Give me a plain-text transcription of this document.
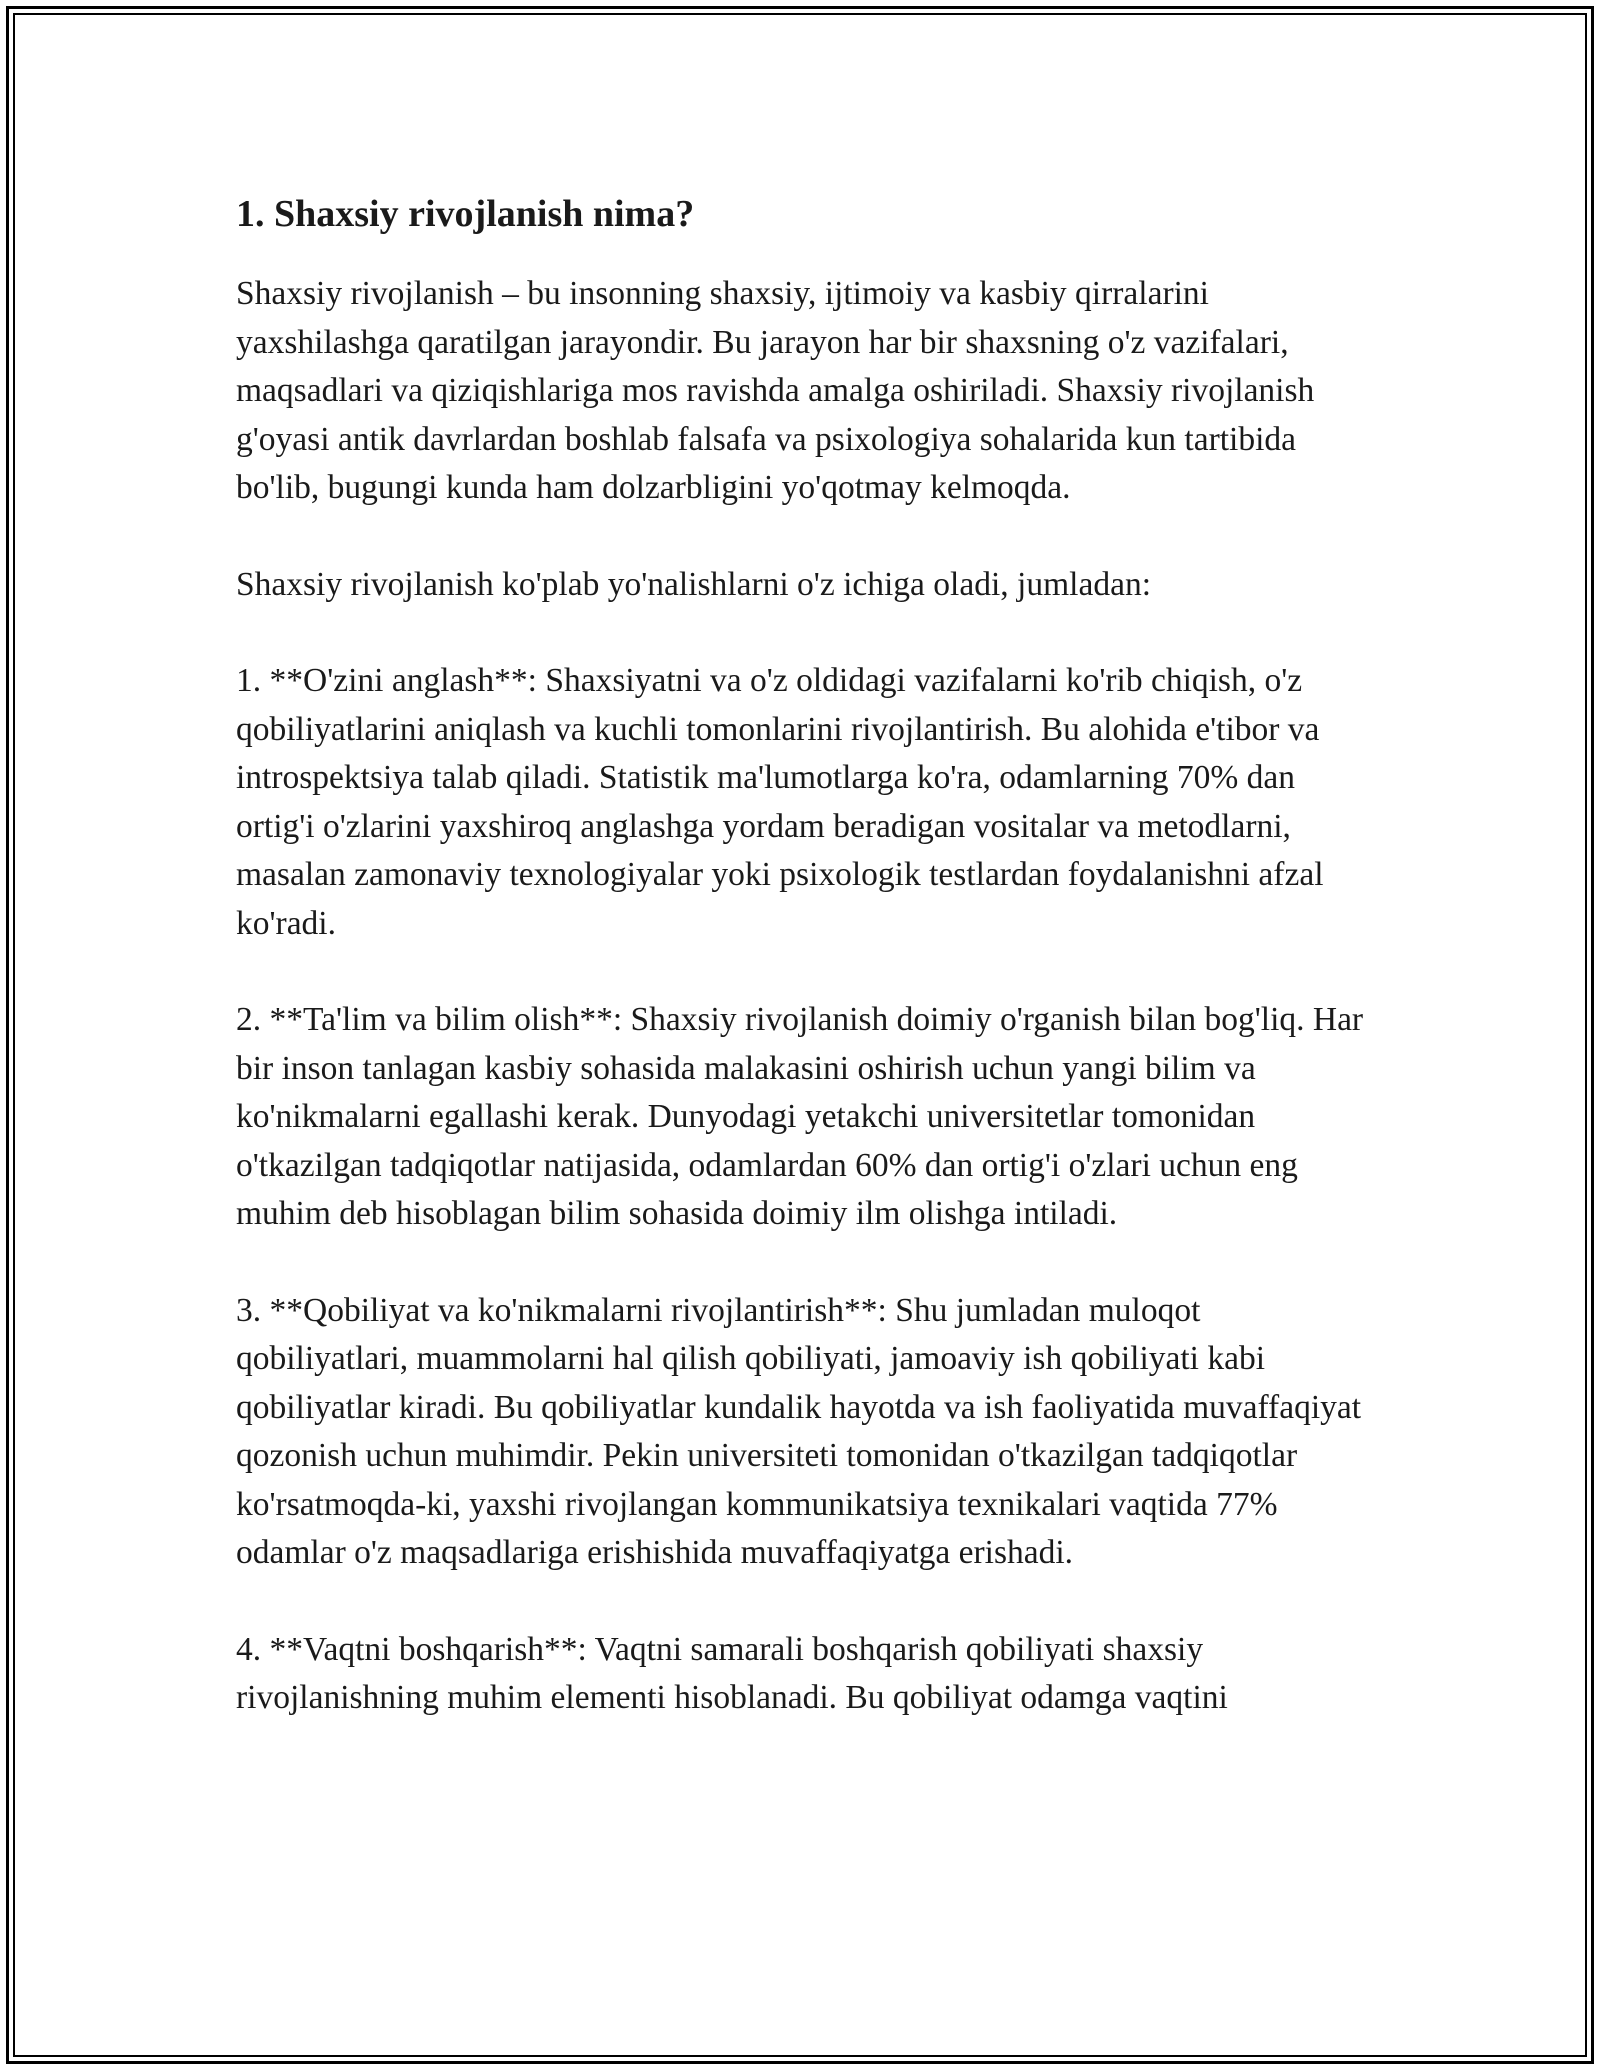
1. Shaxsiy rivojlanish nima?

Shaxsiy rivojlanish – bu insonning shaxsiy, ijtimoiy va kasbiy qirralarini yaxshilashga qaratilgan jarayondir. Bu jarayon har bir shaxsning o'z vazifalari, maqsadlari va qiziqishlariga mos ravishda amalga oshiriladi. Shaxsiy rivojlanish g'oyasi antik davrlardan boshlab falsafa va psixologiya sohalarida kun tartibida bo'lib, bugungi kunda ham dolzarbligini yo'qotmay kelmoqda.

Shaxsiy rivojlanish ko'plab yo'nalishlarni o'z ichiga oladi, jumladan:

1. **O'zini anglash**: Shaxsiyatni va o'z oldidagi vazifalarni ko'rib chiqish, o'z qobiliyatlarini aniqlash va kuchli tomonlarini rivojlantirish. Bu alohida e'tibor va introspektsiya talab qiladi. Statistik ma'lumotlarga ko'ra, odamlarning 70% dan ortig'i o'zlarini yaxshiroq anglashga yordam beradigan vositalar va metodlarni, masalan zamonaviy texnologiyalar yoki psixologik testlardan foydalanishni afzal ko'radi.

2. **Ta'lim va bilim olish**: Shaxsiy rivojlanish doimiy o'rganish bilan bog'liq. Har bir inson tanlagan kasbiy sohasida malakasini oshirish uchun yangi bilim va ko'nikmalarni egallashi kerak. Dunyodagi yetakchi universitetlar tomonidan o'tkazilgan tadqiqotlar natijasida, odamlardan 60% dan ortig'i o'zlari uchun eng muhim deb hisoblagan bilim sohasida doimiy ilm olishga intiladi.

3. **Qobiliyat va ko'nikmalarni rivojlantirish**: Shu jumladan muloqot qobiliyatlari, muammolarni hal qilish qobiliyati, jamoaviy ish qobiliyati kabi qobiliyatlar kiradi. Bu qobiliyatlar kundalik hayotda va ish faoliyatida muvaffaqiyat qozonish uchun muhimdir. Pekin universiteti tomonidan o'tkazilgan tadqiqotlar ko'rsatmoqda-ki, yaxshi rivojlangan kommunikatsiya texnikalari vaqtida 77% odamlar o'z maqsadlariga erishishida muvaffaqiyatga erishadi.

4. **Vaqtni boshqarish**: Vaqtni samarali boshqarish qobiliyati shaxsiy rivojlanishning muhim elementi hisoblanadi. Bu qobiliyat odamga vaqtini
